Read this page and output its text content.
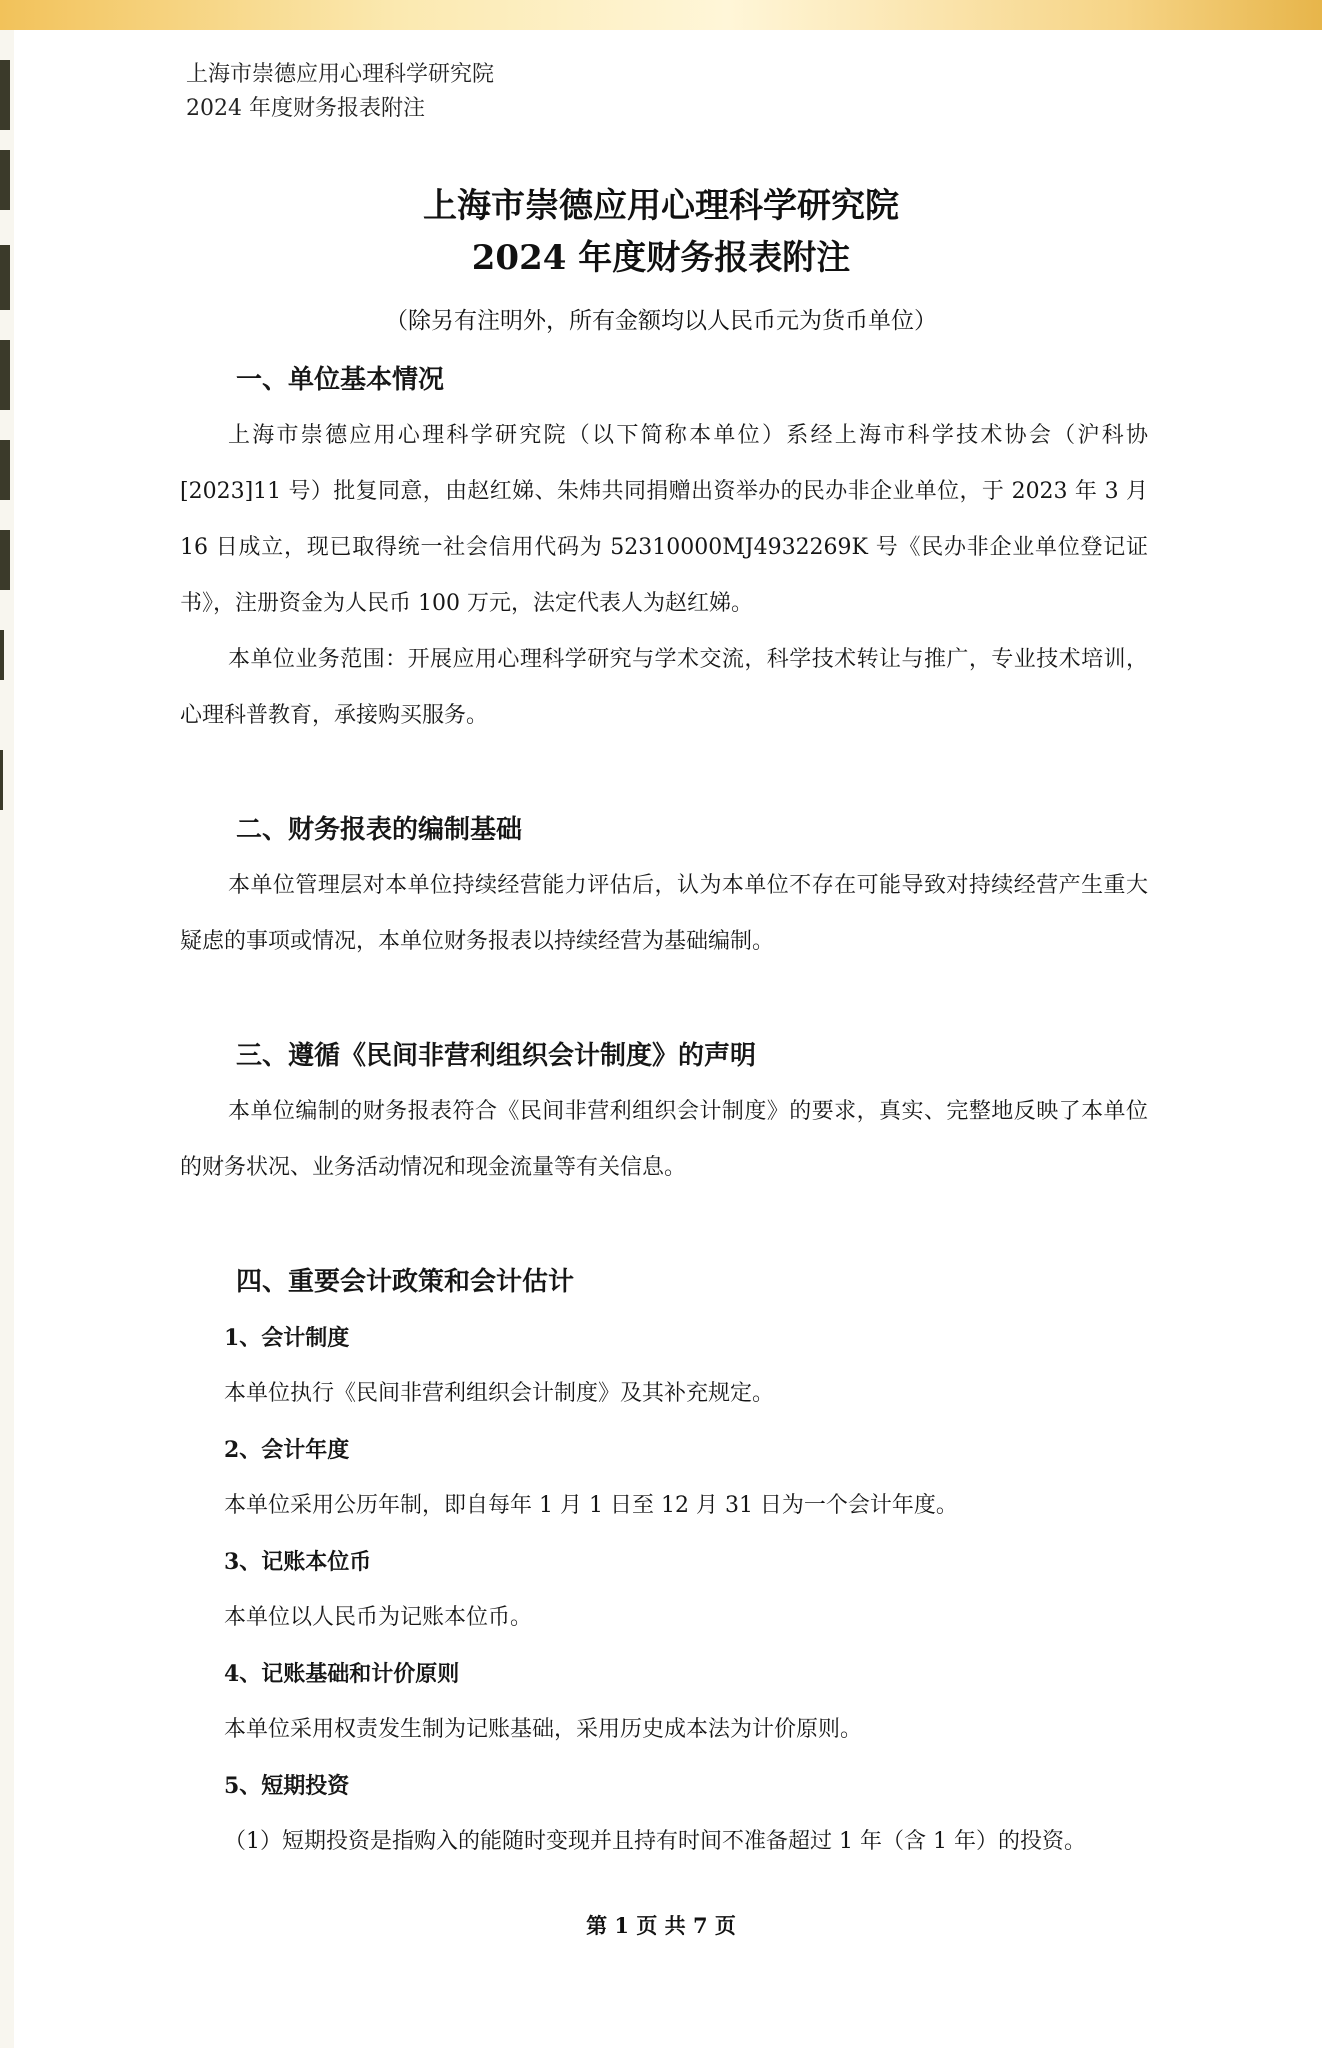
上海市崇德应用心理科学研究院
2024 年度财务报表附注
上海市崇德应用心理科学研究院
2024 年度财务报表附注
（除另有注明外，所有金额均以人民币元为货币单位）
一、单位基本情况

上海市崇德应用心理科学研究院（以下简称本单位）系经上海市科学技术协会（沪科协[2023]11 号）批复同意，由赵红娣、朱炜共同捐赠出资举办的民办非企业单位，于 2023 年 3 月 16 日成立，现已取得统一社会信用代码为 52310000MJ4932269K 号《民办非企业单位登记证书》，注册资金为人民币 100 万元，法定代表人为赵红娣。

本单位业务范围：开展应用心理科学研究与学术交流，科学技术转让与推广，专业技术培训，心理科普教育，承接购买服务。

二、财务报表的编制基础

本单位管理层对本单位持续经营能力评估后，认为本单位不存在可能导致对持续经营产生重大疑虑的事项或情况，本单位财务报表以持续经营为基础编制。

三、遵循《民间非营利组织会计制度》的声明

本单位编制的财务报表符合《民间非营利组织会计制度》的要求，真实、完整地反映了本单位的财务状况、业务活动情况和现金流量等有关信息。

四、重要会计政策和会计估计
1、会计制度
本单位执行《民间非营利组织会计制度》及其补充规定。
2、会计年度
本单位采用公历年制，即自每年 1 月 1 日至 12 月 31 日为一个会计年度。
3、记账本位币
本单位以人民币为记账本位币。
4、记账基础和计价原则
本单位采用权责发生制为记账基础，采用历史成本法为计价原则。
5、短期投资
（1）短期投资是指购入的能随时变现并且持有时间不准备超过 1 年（含 1 年）的投资。
第 1 页 共 7 页
